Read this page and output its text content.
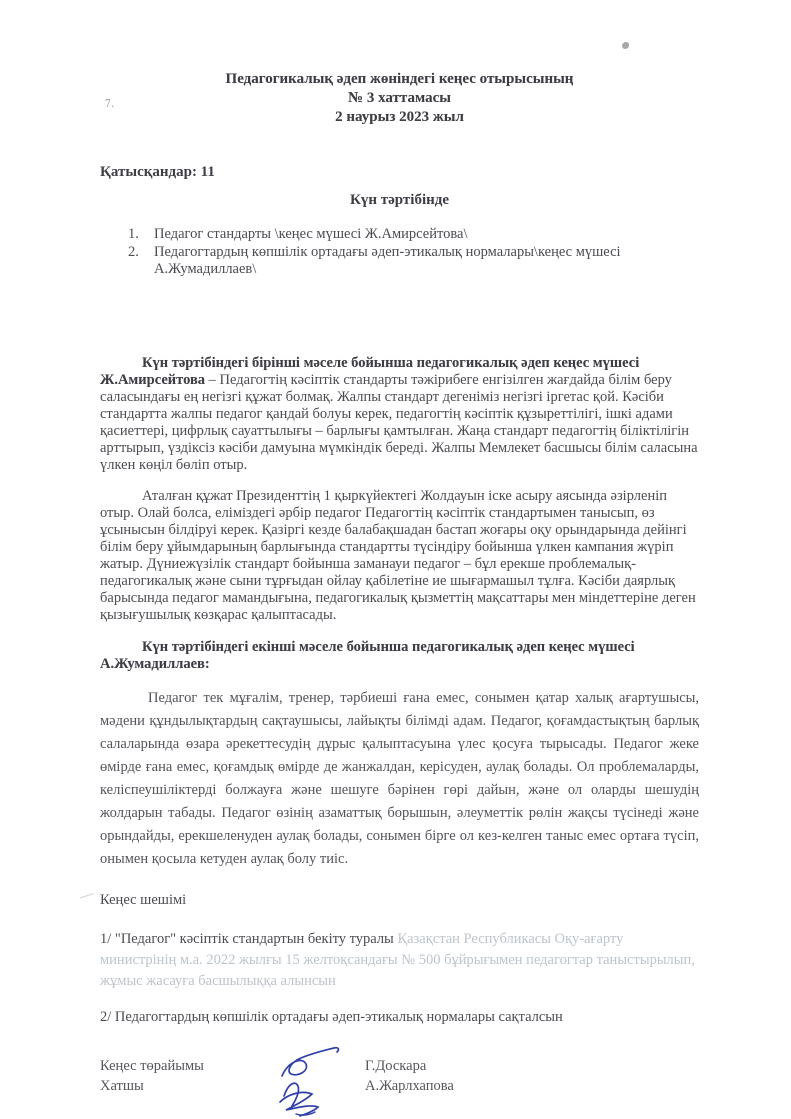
7.
Педагогикалық әдеп жөніндегі кеңес отырысының
№ 3 хаттамасы
2 наурыз 2023 жыл
Қатысқандар: 11
Күн тәртібінде
1.	Педагог стандарты \кеңес мүшесі Ж.Амирсейтова\
2.	Педагогтардың көпшілік ортадағы әдеп-этикалық нормалары\кеңес мүшесі А.Жумадиллаев\

Күн тәртібіндегі бірінші мәселе бойынша педагогикалық әдеп кеңес мүшесі Ж.Амирсейтова – Педагогтің кәсіптік стандарты тәжірибеге енгізілген жағдайда білім беру саласындағы ең негізгі құжат болмақ. Жалпы стандарт дегеніміз негізгі іргетас қой. Кәсіби стандартта жалпы педагог қандай болуы керек, педагогтің кәсіптік құзыреттілігі, ішкі адами қасиеттері, цифрлық сауаттылығы – барлығы қамтылған. Жаңа стандарт педагогтің біліктілігін арттырып, үздіксіз кәсіби дамуына мүмкіндік береді. Жалпы Мемлекет басшысы білім саласына үлкен көңіл бөліп отыр.

Аталған құжат Президенттің 1 қыркүйектегі Жолдауын іске асыру аясында әзірленіп отыр. Олай болса, еліміздегі әрбір педагог Педагогтің кәсіптік стандартымен танысып, өз ұсынысын білдіруі керек. Қазіргі кезде балабақшадан бастап жоғары оқу орындарында дейінгі білім беру ұйымдарының барлығында стандартты түсіндіру бойынша үлкен кампания жүріп жатыр. Дүниежүзілік стандарт бойынша заманауи педагог – бұл ерекше проблемалық-педагогикалық және сыни тұрғыдан ойлау қабілетіне ие шығармашыл тұлға. Кәсіби даярлық барысында педагог мамандығына, педагогикалық қызметтің мақсаттары мен міндеттеріне деген қызығушылық көзқарас қалыптасады.

Күн тәртібіндегі екінші мәселе бойынша педагогикалық әдеп кеңес мүшесі А.Жумадиллаев:

Педагог тек мұғалім, тренер, тәрбиеші ғана емес, сонымен қатар халық ағартушысы, мәдени құндылықтардың сақтаушысы, лайықты білімді адам. Педагог, қоғамдастықтың барлық салаларында өзара әрекеттесудің дұрыс қалыптасуына үлес қосуға тырысады. Педагог жеке өмірде ғана емес, қоғамдық өмірде де жанжалдан, керісуден, аулақ болады. Ол проблемаларды, келіспеушіліктерді болжауға және шешуге бәрінен гөрі дайын, және ол оларды шешудің жолдарын табады. Педагог өзінің азаматтық борышын, әлеуметтік рөлін жақсы түсінеді және орындайды, ерекшеленуден аулақ болады, сонымен бірге ол кез-келген таныс емес ортаға түсіп, онымен қосыла кетуден аулақ болу тиіс.

Кеңес шешімі

1/ "Педагог" кәсіптік стандартын бекіту туралы Қазақстан Республикасы Оқу-ағарту министрінің м.а. 2022 жылғы 15 желтоқсандағы № 500 бұйрығымен педагогтар таныстырылып, жұмыс жасауға басшылыққа алынсын

2/ Педагогтардың көпшілік ортадағы әдеп-этикалық нормалары сақталсын

Кеңес төрайымы
Хатшы
Г.Доскара
А.Жарлхапова
